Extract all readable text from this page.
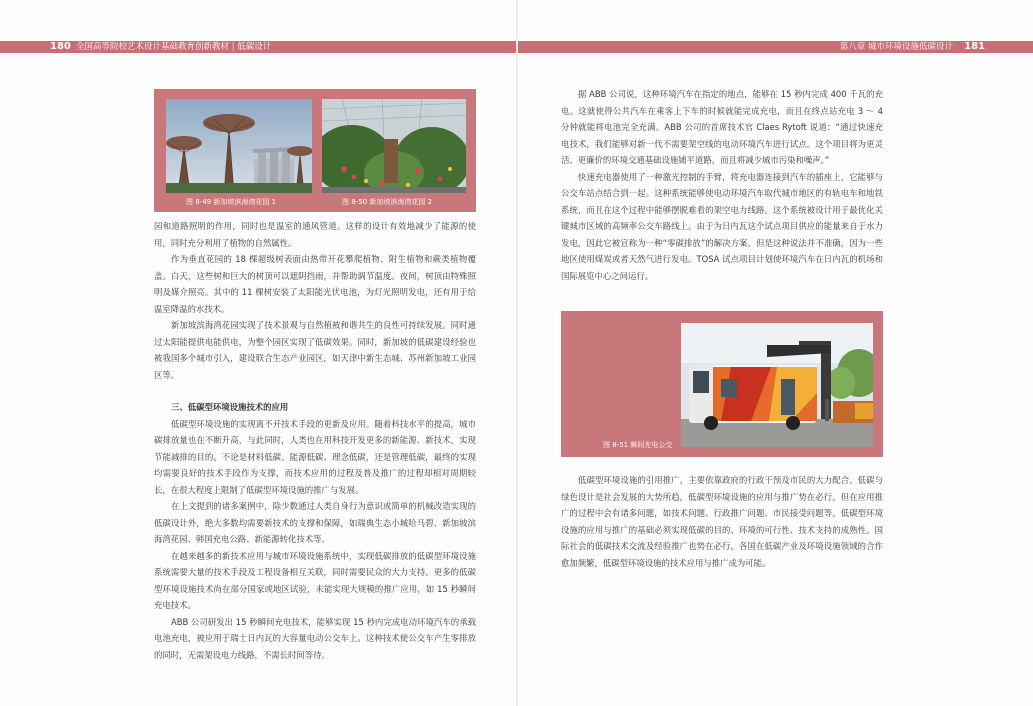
180 全国高等院校艺术设计基础教育创新教材 | 低碳设计	第八章 城市环境设施低碳设计 181
图 8-49 新加坡滨海湾花园 1	图 8-50 新加坡滨海湾花园 2

园和道路照明的作用，同时也是温室的通风管道。这样的设计有效地减少了能源的使用，同时充分利用了植物的自然属性。

作为垂直花园的 18 棵超级树表面由热带开花攀爬植物、附生植物和蕨类植物覆盖。白天，这些树和巨大的树顶可以遮阴挡雨，并帮助调节温度。夜间，树顶由特殊照明及媒介照亮。其中的 11 棵树安装了太阳能光伏电池，为灯光照明发电，还有用于给温室降温的水技术。

新加坡滨海湾花园实现了技术景观与自然植被和谐共生的良性可持续发展。同时通过太阳能提供电能供电，为整个园区实现了低碳效果。同时，新加坡的低碳建设经验也被我国多个城市引入，建设联合生态产业园区，如天津中新生态城、苏州新加坡工业园区等。

三、低碳型环境设施技术的应用

低碳型环境设施的实现离不开技术手段的更新及应用。随着科技水平的提高，城市碳排放量也在不断升高，与此同时，人类也在用科技开发更多的新能源、新技术，实现节能减排的目的。不论是材料低碳、能源低碳、理念低碳，还是管理低碳，最终的实现均需要良好的技术手段作为支撑，而技术应用的过程及普及推广的过程却相对周期较长，在很大程度上限制了低碳型环境设施的推广与发展。

在上文提到的诸多案例中，除少数通过人类自身行为意识或简单的机械改造实现的低碳设计外，绝大多数均需要新技术的支撑和保障，如瑞典生态小城哈马碧、新加坡滨海湾花园、韩国充电公路、新能源转化技术等。

在越来越多的新技术应用与城市环境设施系统中，实现低碳排放的低碳型环境设施系统需要大量的技术手段及工程设备相互关联，同时需要民众的大力支持。更多的低碳型环境设施技术尚在部分国家或地区试验，未能实现大规模的推广应用，如 15 秒瞬间充电技术。

ABB 公司研发出 15 秒瞬间充电技术，能够实现 15 秒内完成电动环境汽车的承载电池充电，被应用于瑞士日内瓦的大容量电动公交车上。这种技术使公交车产生零排放的同时，无需架设电力线路，不需长时间等待。

据 ABB 公司说，这种环境汽车在指定的地点，能够在 15 秒内完成 400 千瓦的充电。这就使得公共汽车在乘客上下车的时候就能完成充电，而且在终点站充电 3 ～ 4 分钟就能将电池完全充满。ABB 公司的首席技术官 Claes Rytoft 说道：“通过快速充电技术，我们能够对新一代不需要架空线的电动环境汽车进行试点。这个项目将为更灵活、更廉价的环境交通基础设施铺平道路，而且将减少城市污染和噪声。”

快速充电器使用了一种激光控制的手臂，将充电器连接到汽车的插座上，它能够与公交车站点结合到一起。这种系统能够使电动环境汽车取代城市地区的有轨电车和地铁系统，而且在这个过程中能够摆脱难看的架空电力线路。这个系统被设计用于最优化关键城市区域的高频率公交车路线上。由于为日内瓦这个试点项目供应的能量来自于水力发电，因此它被宣称为一种“零碳排放”的解决方案。但是这种说法并不准确，因为一些地区使用煤炭或者天然气进行发电。TOSA 试点项目计划使环境汽车在日内瓦的机场和国际展览中心之间运行。

图 8-51 瞬间充电公交

低碳型环境设施的引用推广，主要依靠政府的行政干预及市民的大力配合。低碳与绿色设计是社会发展的大势所趋，低碳型环境设施的应用与推广势在必行。但在应用推广的过程中会有诸多问题，如技术问题、行政推广问题、市民接受问题等。低碳型环境设施的应用与推广的基础必须实现低碳的目的、环境的可行性、技术支持的成熟性。国际社会的低碳技术交流及经验推广也势在必行，各国在低碳产业及环境设施领域的合作愈加频繁，低碳型环境设施的技术应用与推广成为可能。
